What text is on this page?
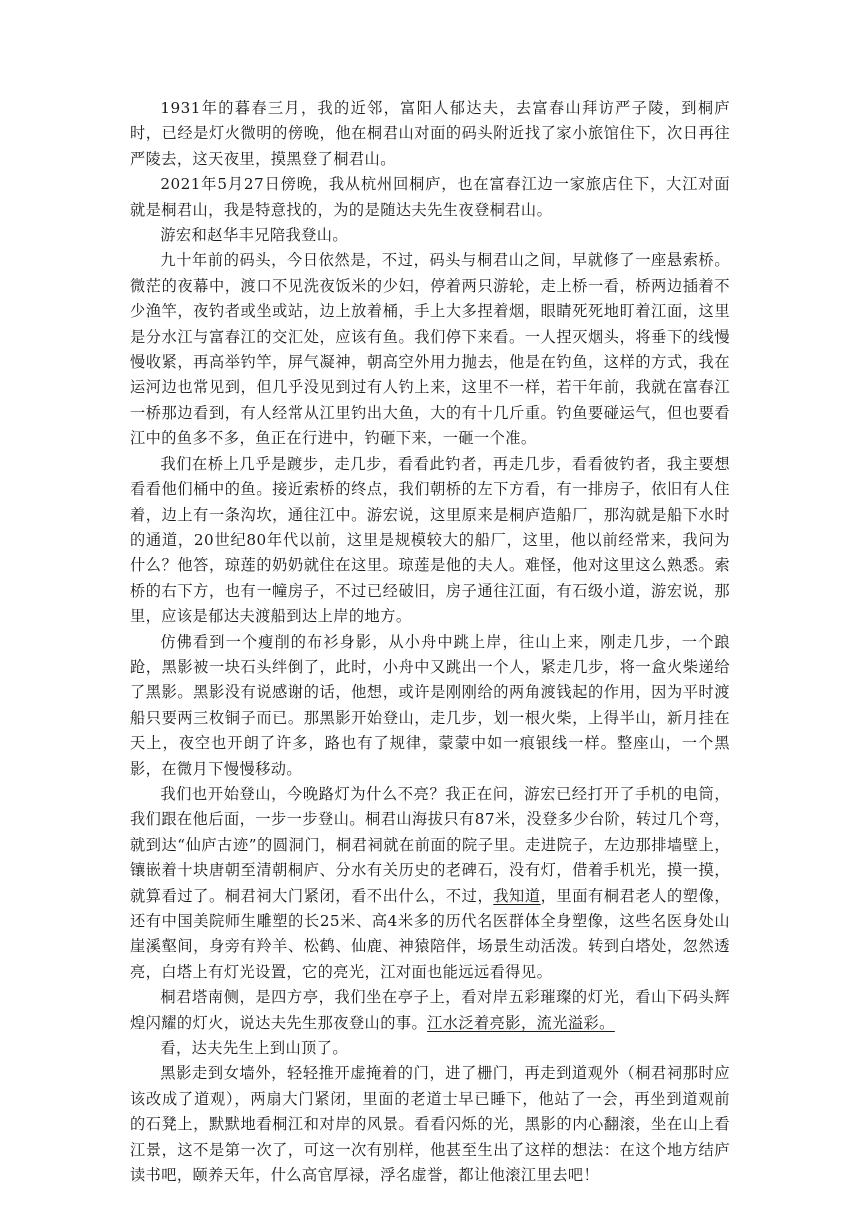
1931年的暮春三月，我的近邻，富阳人郁达夫，去富春山拜访严子陵，到桐庐时，已经是灯火微明的傍晚，他在桐君山对面的码头附近找了家小旅馆住下，次日再往严陵去，这天夜里，摸黑登了桐君山。

2021年5月27日傍晚，我从杭州回桐庐，也在富春江边一家旅店住下，大江对面就是桐君山，我是特意找的，为的是随达夫先生夜登桐君山。

游宏和赵华丰兄陪我登山。

九十年前的码头，今日依然是，不过，码头与桐君山之间，早就修了一座悬索桥。微茫的夜幕中，渡口不见洗夜饭米的少妇，停着两只游轮，走上桥一看，桥两边插着不少渔竿，夜钓者或坐或站，边上放着桶，手上大多捏着烟，眼睛死死地盯着江面，这里是分水江与富春江的交汇处，应该有鱼。我们停下来看。一人捏灭烟头，将垂下的线慢慢收紧，再高举钓竿，屏气凝神，朝高空外用力抛去，他是在钓鱼，这样的方式，我在运河边也常见到，但几乎没见到过有人钓上来，这里不一样，若干年前，我就在富春江一桥那边看到，有人经常从江里钓出大鱼，大的有十几斤重。钓鱼要碰运气，但也要看江中的鱼多不多，鱼正在行进中，钓砸下来，一砸一个准。

我们在桥上几乎是踱步，走几步，看看此钓者，再走几步，看看彼钓者，我主要想看看他们桶中的鱼。接近索桥的终点，我们朝桥的左下方看，有一排房子，依旧有人住着，边上有一条沟坎，通往江中。游宏说，这里原来是桐庐造船厂，那沟就是船下水时的通道，20世纪80年代以前，这里是规模较大的船厂，这里，他以前经常来，我问为什么？他答，琼莲的奶奶就住在这里。琼莲是他的夫人。难怪，他对这里这么熟悉。索桥的右下方，也有一幢房子，不过已经破旧，房子通往江面，有石级小道，游宏说，那里，应该是郁达夫渡船到达上岸的地方。

仿佛看到一个瘦削的布衫身影，从小舟中跳上岸，往山上来，刚走几步，一个踉跄，黑影被一块石头绊倒了，此时，小舟中又跳出一个人，紧走几步，将一盒火柴递给了黑影。黑影没有说感谢的话，他想，或许是刚刚给的两角渡钱起的作用，因为平时渡船只要两三枚铜子而已。那黑影开始登山，走几步，划一根火柴，上得半山，新月挂在天上，夜空也开朗了许多，路也有了规律，蒙蒙中如一痕银线一样。整座山，一个黑影，在微月下慢慢移动。

我们也开始登山，今晚路灯为什么不亮？我正在问，游宏已经打开了手机的电筒，我们跟在他后面，一步一步登山。桐君山海拔只有87米，没登多少台阶，转过几个弯，就到达“仙庐古迹”的圆洞门，桐君祠就在前面的院子里。走进院子，左边那排墙壁上，镶嵌着十块唐朝至清朝桐庐、分水有关历史的老碑石，没有灯，借着手机光，摸一摸，就算看过了。桐君祠大门紧闭，看不出什么，不过，我知道，里面有桐君老人的塑像，还有中国美院师生雕塑的长25米、高4米多的历代名医群体全身塑像，这些名医身处山崖溪壑间，身旁有羚羊、松鹤、仙鹿、神猿陪伴，场景生动活泼。转到白塔处，忽然透亮，白塔上有灯光设置，它的亮光，江对面也能远远看得见。

桐君塔南侧，是四方亭，我们坐在亭子上，看对岸五彩璀璨的灯光，看山下码头辉煌闪耀的灯火，说达夫先生那夜登山的事。江水泛着亮影，流光溢彩。

看，达夫先生上到山顶了。

黑影走到女墙外，轻轻推开虚掩着的门，进了栅门，再走到道观外（桐君祠那时应该改成了道观），两扇大门紧闭，里面的老道士早已睡下，他站了一会，再坐到道观前的石凳上，默默地看桐江和对岸的风景。看看闪烁的光，黑影的内心翻滚，坐在山上看江景，这不是第一次了，可这一次有别样，他甚至生出了这样的想法：在这个地方结庐读书吧，颐养天年，什么高官厚禄，浮名虚誉，都让他滚江里去吧！
